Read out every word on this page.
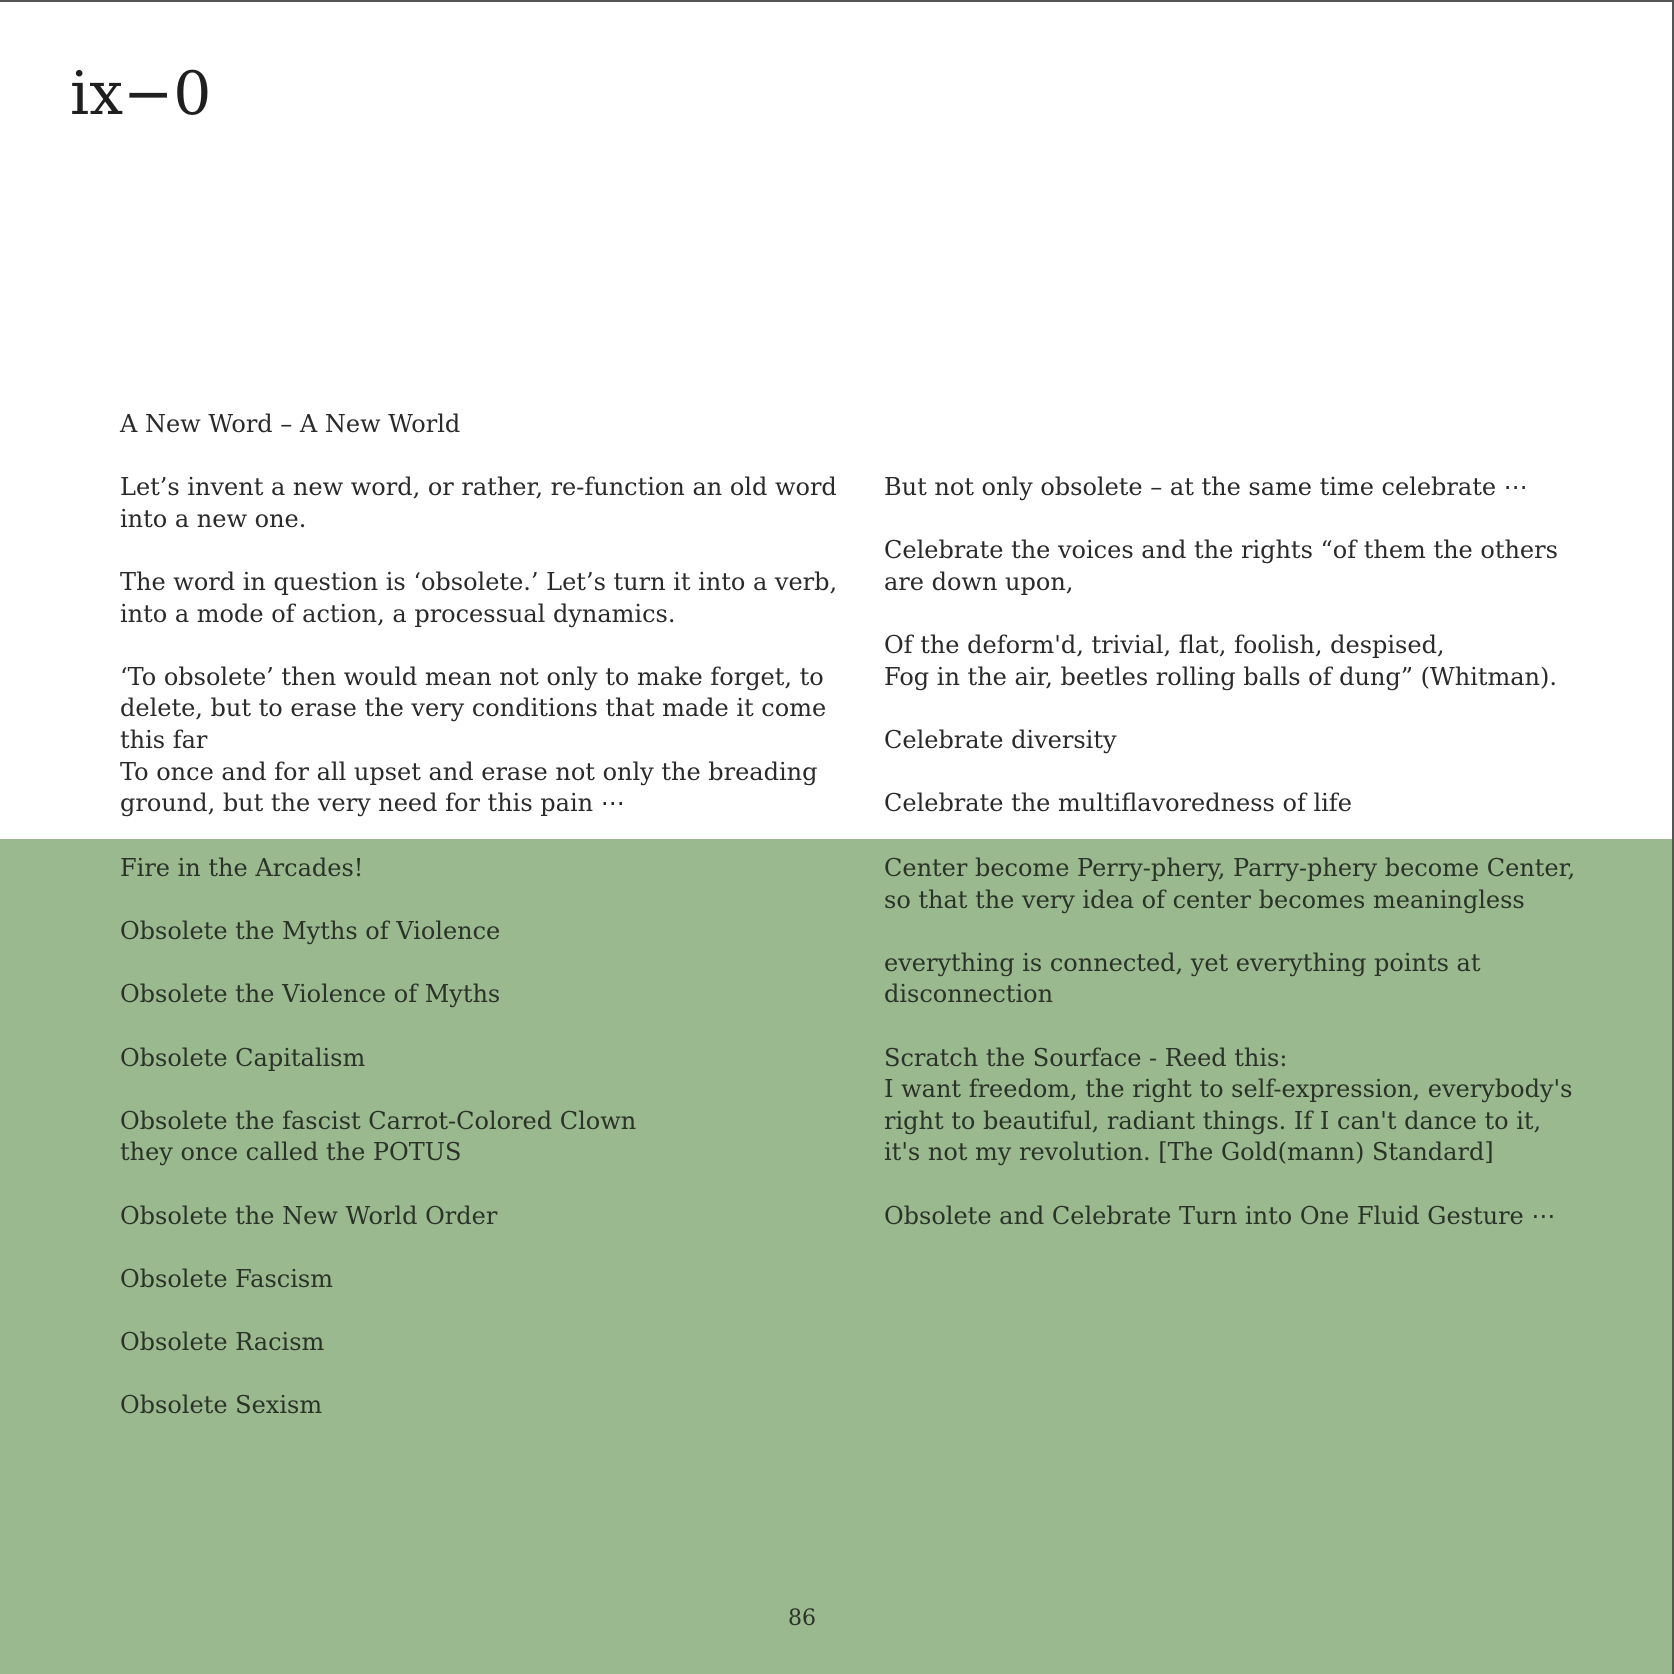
ix−0

A New Word – A New World

Let’s invent a new word, or rather, re-function an old word
into a new one.

The word in question is ‘obsolete.’ Let’s turn it into a verb,
into a mode of action, a processual dynamics.

‘To obsolete’ then would mean not only to make forget, to
delete, but to erase the very conditions that made it come
this far
To once and for all upset and erase not only the breading
ground, but the very need for this pain ⋯

But not only obsolete – at the same time celebrate ⋯

Celebrate the voices and the rights “of them the others
are down upon,

Of the deform'd, trivial, flat, foolish, despised,
Fog in the air, beetles rolling balls of dung” (Whitman).

Celebrate diversity

Celebrate the multiflavoredness of life

Fire in the Arcades!

Obsolete the Myths of Violence

Obsolete the Violence of Myths

Obsolete Capitalism

Obsolete the fascist Carrot-Colored Clown
they once called the POTUS

Obsolete the New World Order

Obsolete Fascism

Obsolete Racism

Obsolete Sexism

Center become Perry-phery, Parry-phery become Center,
so that the very idea of center becomes meaningless

everything is connected, yet everything points at
disconnection

Scratch the Sourface - Reed this:
I want freedom, the right to self-expression, everybody's
right to beautiful, radiant things. If I can't dance to it,
it's not my revolution. [The Gold(mann) Standard]

Obsolete and Celebrate Turn into One Fluid Gesture ⋯

86
